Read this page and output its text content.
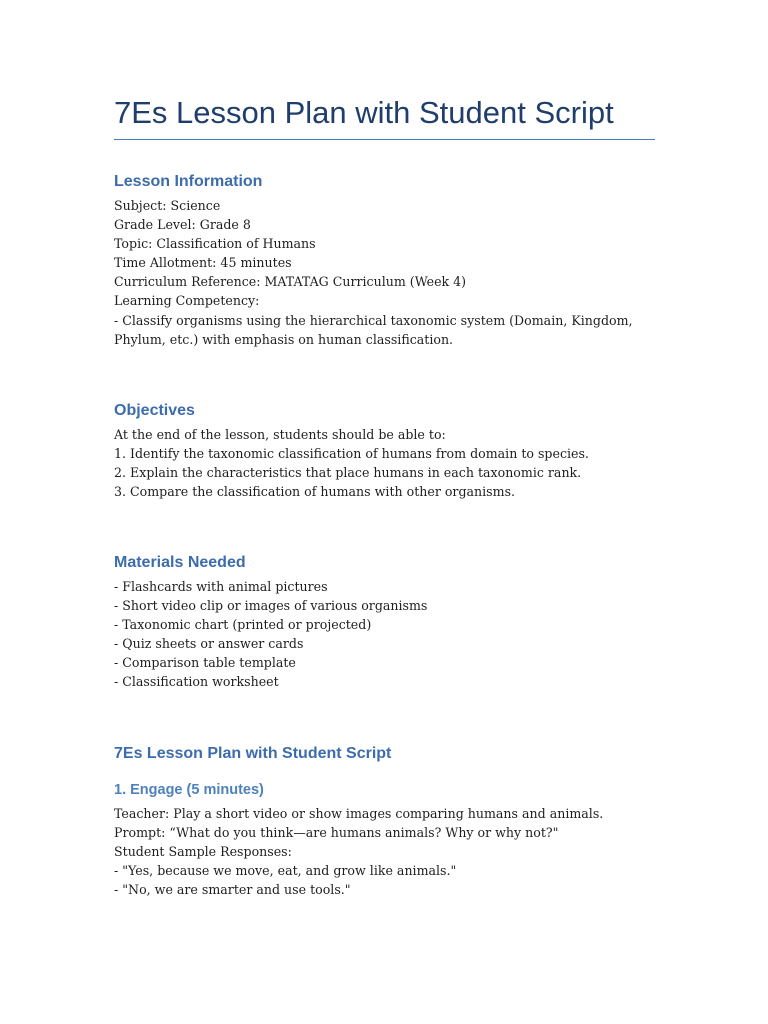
7Es Lesson Plan with Student Script
Lesson Information
Subject: Science
Grade Level: Grade 8
Topic: Classification of Humans
Time Allotment: 45 minutes
Curriculum Reference: MATATAG Curriculum (Week 4)
Learning Competency:
- Classify organisms using the hierarchical taxonomic system (Domain, Kingdom, Phylum, etc.) with emphasis on human classification.
Objectives
At the end of the lesson, students should be able to:
1. Identify the taxonomic classification of humans from domain to species.
2. Explain the characteristics that place humans in each taxonomic rank.
3. Compare the classification of humans with other organisms.
Materials Needed
- Flashcards with animal pictures
- Short video clip or images of various organisms
- Taxonomic chart (printed or projected)
- Quiz sheets or answer cards
- Comparison table template
- Classification worksheet
7Es Lesson Plan with Student Script
1. Engage (5 minutes)
Teacher: Play a short video or show images comparing humans and animals.
Prompt: “What do you think—are humans animals? Why or why not?"
Student Sample Responses:
- "Yes, because we move, eat, and grow like animals."
- "No, we are smarter and use tools."
